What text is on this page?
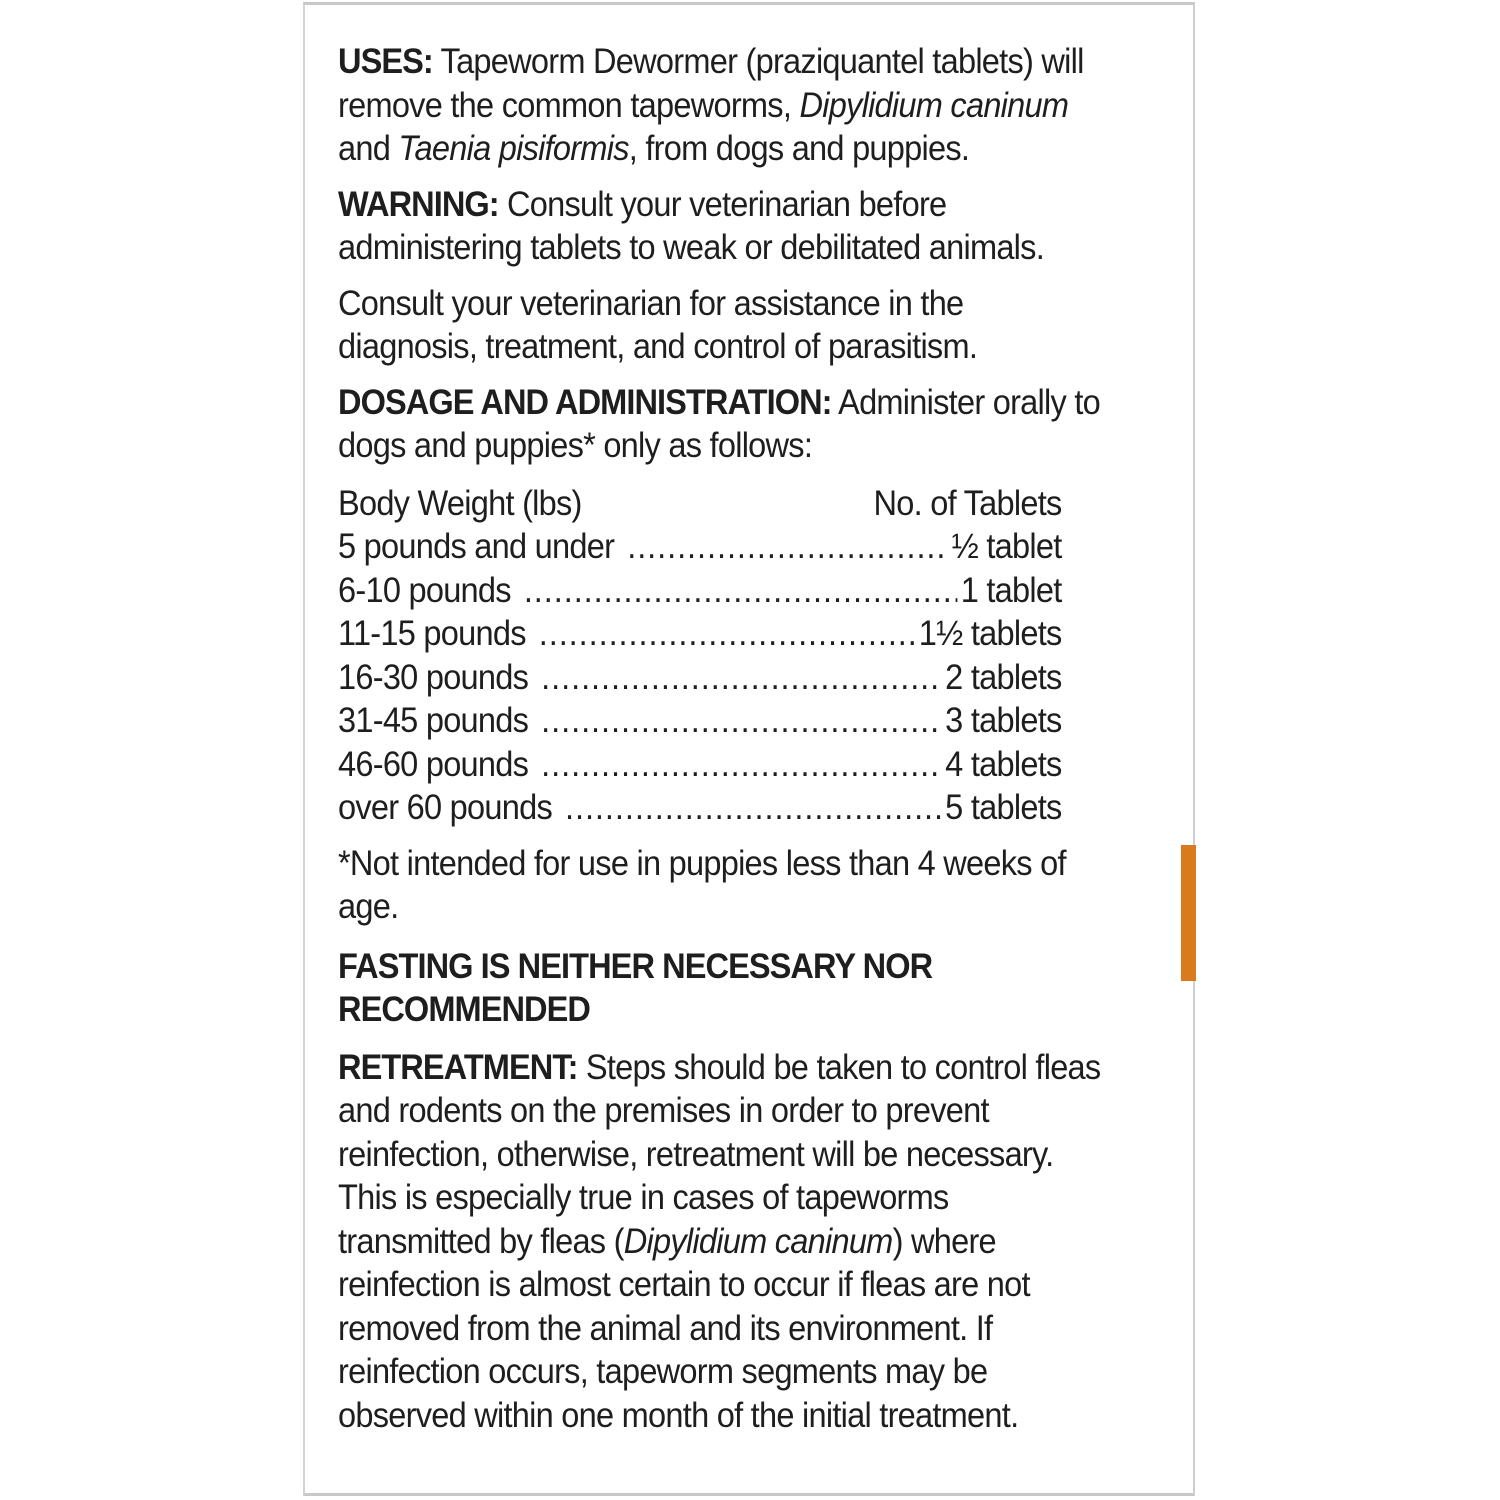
USES: Tapeworm Dewormer (praziquantel tablets) will remove the common tapeworms, Dipylidium caninum and Taenia pisiformis, from dogs and puppies.

WARNING: Consult your veterinarian before administering tablets to weak or debilitated animals.

Consult your veterinarian for assistance in the diagnosis, treatment, and control of parasitism.

DOSAGE AND ADMINISTRATION: Administer orally to dogs and puppies* only as follows:

Body Weight (lbs)	No. of Tablets
5 pounds and under .....	½ tablet
6-10 pounds .....	1 tablet
11-15 pounds .....	1½ tablets
16-30 pounds .....	2 tablets
31-45 pounds .....	3 tablets
46-60 pounds .....	4 tablets
over 60 pounds .....	5 tablets

*Not intended for use in puppies less than 4 weeks of age.

FASTING IS NEITHER NECESSARY NOR RECOMMENDED

RETREATMENT: Steps should be taken to control fleas and rodents on the premises in order to prevent reinfection, otherwise, retreatment will be necessary. This is especially true in cases of tapeworms transmitted by fleas (Dipylidium caninum) where reinfection is almost certain to occur if fleas are not removed from the animal and its environment. If reinfection occurs, tapeworm segments may be observed within one month of the initial treatment.
